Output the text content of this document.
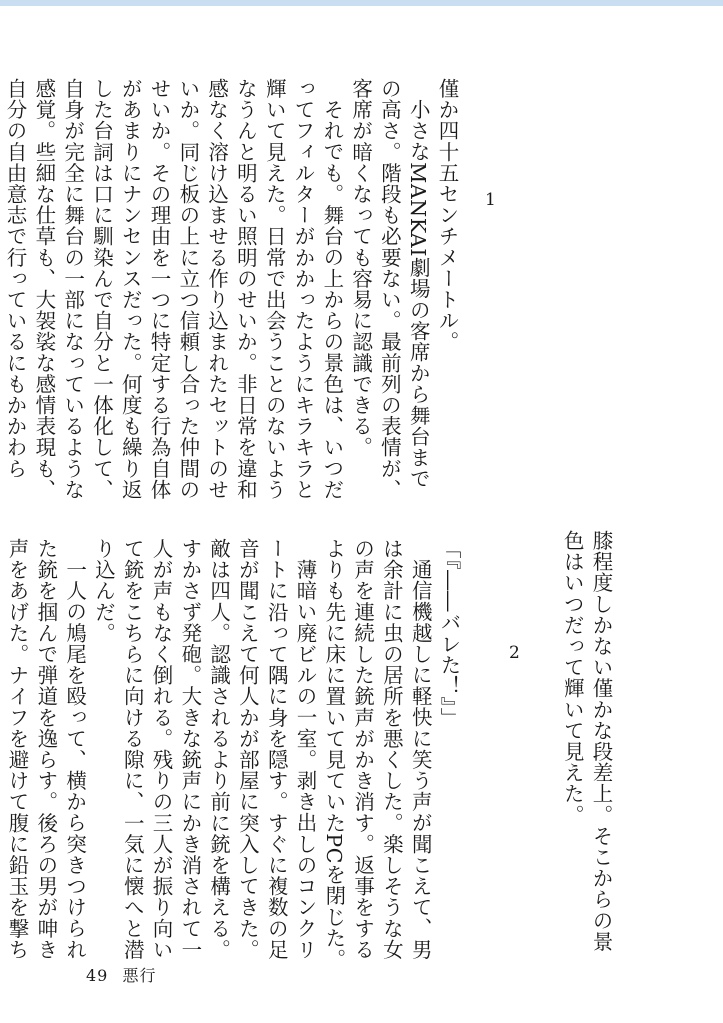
膝程度しかない僅かな段差上。そこからの景色はいつだって輝いて見えた。

1
2

僅か四十五センチメートル。

小さなMANKAI劇場の客席から舞台までの高さ。階段も必要ない。最前列の表情が、客席が暗くなっても容易に認識できる。

それでも。舞台の上からの景色は、いつだってフィルターがかかったようにキラキラと輝いて見えた。日常で出会うことのないようなうんと明るい照明のせいか。非日常を違和感なく溶け込ませる作り込まれたセットのせいか。同じ板の上に立つ信頼し合った仲間のせいか。その理由を一つに特定する行為自体があまりにナンセンスだった。何度も繰り返した台詞は口に馴染んで自分と一体化して、自身が完全に舞台の一部になっているような感覚。些細な仕草も、大袈裟な感情表現も、自分の自由意志で行っているにもかかわら

「『――バレた！』」

通信機越しに軽快に笑う声が聞こえて、男は余計に虫の居所を悪くした。楽しそうな女の声を連続した銃声がかき消す。返事をするよりも先に床に置いて見ていたPCを閉じた。

薄暗い廃ビルの一室。剥き出しのコンクリートに沿って隅に身を隠す。すぐに複数の足音が聞こえて何人かが部屋に突入してきた。敵は四人。認識されるより前に銃を構える。すかさず発砲。大きな銃声にかき消されて一人が声もなく倒れる。残りの三人が振り向いて銃をこちらに向ける隙に、一気に懐へと潜り込んだ。

一人の鳩尾を殴って、横から突きつけられた銃を掴んで弾道を逸らす。後ろの男が呻き声をあげた。ナイフを避けて腹に鉛玉を撃ち

49 悪行
